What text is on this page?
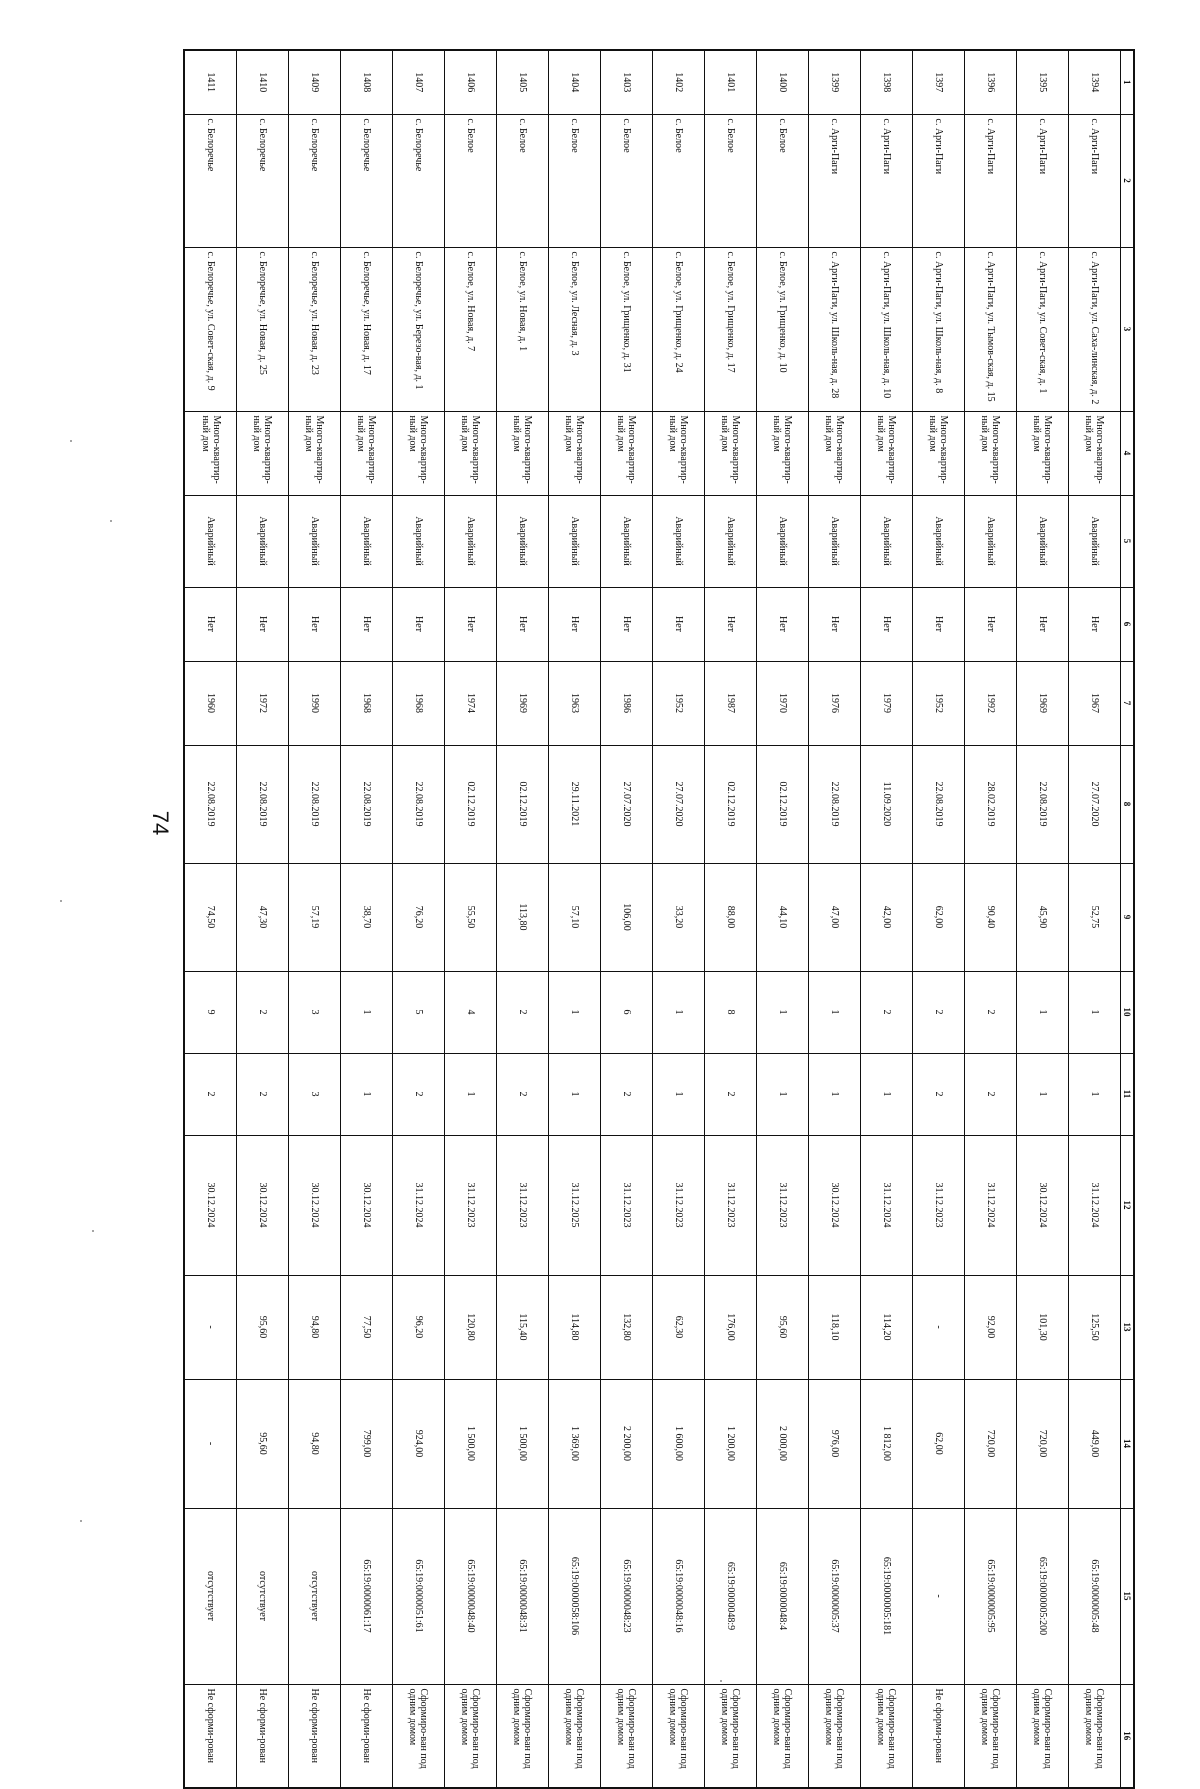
74
1	2	3	4	5	6	7	8	9	10	11	12	13	14	15	16
1394	с. Арги-Паги	с. Арги-Паги, ул. Саха-линская, д. 2	Много-квартир-ный дом	Аварийный	Нет	1967	27.07.2020	52,75	1	1	31.12.2024	125,50	449,00	65:19:0000005:48	Сформиро-ван под одним домом
1395	с. Арги-Паги	с. Арги-Паги, ул. Совет-ская, д. 1	Много-квартир-ный дом	Аварийный	Нет	1969	22.08.2019	45,90	1	1	30.12.2024	101,30	720,00	65:19:0000005:200	Сформиро-ван под одним домом
1396	с. Арги-Паги	с. Арги-Паги, ул. Тымов-ская, д. 15	Много-квартир-ный дом	Аварийный	Нет	1992	28.02.2019	90,40	2	2	31.12.2024	92,00	720,00	65:19:0000005:95	Сформиро-ван под одним домом
1397	с. Арги-Паги	с. Арги-Паги, ул. Школь-ная, д. 8	Много-квартир-ный дом	Аварийный	Нет	1952	22.08.2019	62,00	2	2	31.12.2023	-	62,00	-	Не сформи-рован
1398	с. Арги-Паги	с. Арги-Паги, ул. Школь-ная, д. 10	Много-квартир-ный дом	Аварийный	Нет	1979	11.09.2020	42,00	2	1	31.12.2024	114,20	1 812,00	65:19:0000005:181	Сформиро-ван под одним домом
1399	с. Арги-Паги	с. Арги-Паги, ул. Школь-ная, д. 28	Много-квартир-ный дом	Аварийный	Нет	1976	22.08.2019	47,00	1	1	30.12.2024	118,10	976,00	65:19:0000005:37	Сформиро-ван под одним домом
1400	с. Белое	с. Белое, ул. Грищенко, д. 10	Много-квартир-ный дом	Аварийный	Нет	1970	02.12.2019	44,10	1	1	31.12.2023	95,60	2 000,00	65:19:0000048:4	Сформиро-ван под одним домом
1401	с. Белое	с. Белое, ул. Грищенко, д. 17	Много-квартир-ный дом	Аварийный	Нет	1987	02.12.2019	88,00	8	2	31.12.2023	176,00	1 200,00	65:19:0000048:9	Сформиро-ван под одним домом
1402	с. Белое	с. Белое, ул. Грищенко, д. 24	Много-квартир-ный дом	Аварийный	Нет	1952	27.07.2020	33,20	1	1	31.12.2023	62,30	1 600,00	65:19:0000048:16	Сформиро-ван под одним домом
1403	с. Белое	с. Белое, ул. Грищенко, д. 31	Много-квартир-ный дом	Аварийный	Нет	1986	27.07.2020	106,00	6	2	31.12.2023	132,80	2 200,00	65:19:0000048:23	Сформиро-ван под одним домом
1404	с. Белое	с. Белое, ул. Лесная, д. 3	Много-квартир-ный дом	Аварийный	Нет	1963	29.11.2021	57,10	1	1	31.12.2025	114,80	1 369,00	65:19:0000058:106	Сформиро-ван под одним домом
1405	с. Белое	с. Белое, ул. Новая, д. 1	Много-квартир-ный дом	Аварийный	Нет	1969	02.12.2019	113,80	2	2	31.12.2023	115,40	1 500,00	65:19:0000048:31	Сформиро-ван под одним домом
1406	с. Белое	с. Белое, ул. Новая, д. 7	Много-квартир-ный дом	Аварийный	Нет	1974	02.12.2019	55,50	4	1	31.12.2023	120,80	1 500,00	65:19:0000048:40	Сформиро-ван под одним домом
1407	с. Белоречье	с. Белоречье, ул. Березо-вая, д. 1	Много-квартир-ный дом	Аварийный	Нет	1968	22.08.2019	76,20	5	2	31.12.2024	96,20	924,00	65:19:0000051:61	Сформиро-ван под одним домом
1408	с. Белоречье	с. Белоречье, ул. Новая, д. 17	Много-квартир-ный дом	Аварийный	Нет	1968	22.08.2019	38,70	1	1	30.12.2024	77,50	799,00	65:19:0000061:17	Не сформи-рован
1409	с. Белоречье	с. Белоречье, ул. Новая, д. 23	Много-квартир-ный дом	Аварийный	Нет	1990	22.08.2019	57,19	3	3	30.12.2024	94,80	94,80	отсутствует	Не сформи-рован
1410	с. Белоречье	с. Белоречье, ул. Новая, д. 25	Много-квартир-ный дом	Аварийный	Нет	1972	22.08.2019	47,30	2	2	30.12.2024	95,60	95,60	отсутствует	Не сформи-рован
1411	с. Белоречье	с. Белоречье, ул. Совет-ская, д. 9	Много-квартир-ный дом	Аварийный	Нет	1960	22.08.2019	74,50	9	2	30.12.2024	-	-	отсутствует	Не сформи-рован
